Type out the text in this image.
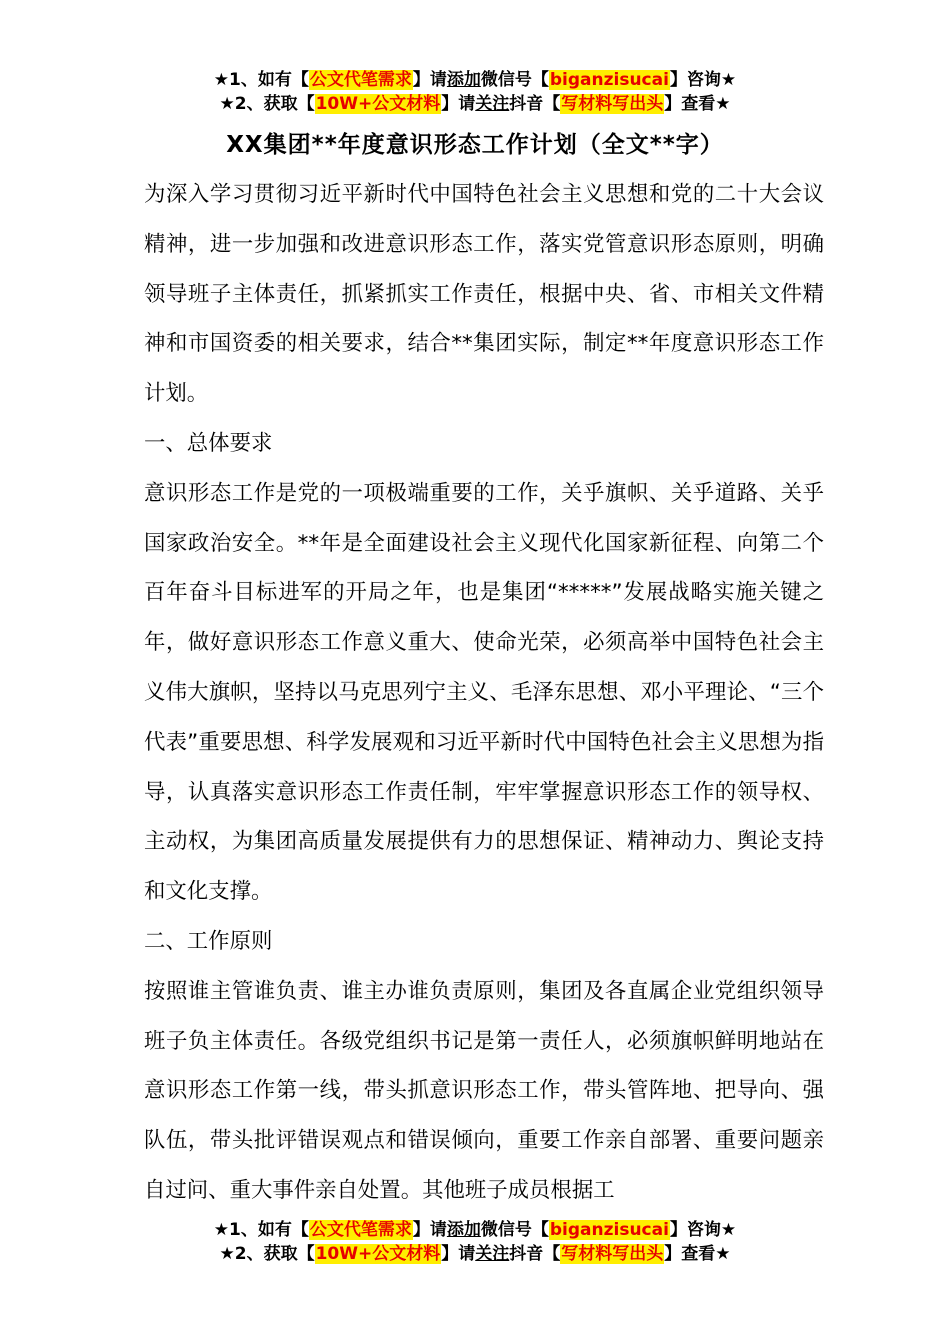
★1、如有【公文代笔需求】请添加微信号【biganzisucai】咨询★
★2、获取【10W+公文材料】请关注抖音【写材料写出头】查看★
XX集团**年度意识形态工作计划（全文**字）

为深入学习贯彻习近平新时代中国特色社会主义思想和党的二十大会议精神，进一步加强和改进意识形态工作，落实党管意识形态原则，明确领导班子主体责任，抓紧抓实工作责任，根据中央、省、市相关文件精神和市国资委的相关要求，结合**集团实际，制定**年度意识形态工作计划。

一、总体要求

意识形态工作是党的一项极端重要的工作，关乎旗帜、关乎道路、关乎国家政治安全。**年是全面建设社会主义现代化国家新征程、向第二个百年奋斗目标进军的开局之年，也是集团“*****”发展战略实施关键之年，做好意识形态工作意义重大、使命光荣，必须高举中国特色社会主义伟大旗帜，坚持以马克思列宁主义、毛泽东思想、邓小平理论、“三个代表”重要思想、科学发展观和习近平新时代中国特色社会主义思想为指导，认真落实意识形态工作责任制，牢牢掌握意识形态工作的领导权、主动权，为集团高质量发展提供有力的思想保证、精神动力、舆论支持和文化支撑。

二、工作原则

按照谁主管谁负责、谁主办谁负责原则，集团及各直属企业党组织领导班子负主体责任。各级党组织书记是第一责任人，必须旗帜鲜明地站在意识形态工作第一线，带头抓意识形态工作，带头管阵地、把导向、强队伍，带头批评错误观点和错误倾向，重要工作亲自部署、重要问题亲自过问、重大事件亲自处置。其他班子成员根据工

★1、如有【公文代笔需求】请添加微信号【biganzisucai】咨询★
★2、获取【10W+公文材料】请关注抖音【写材料写出头】查看★
